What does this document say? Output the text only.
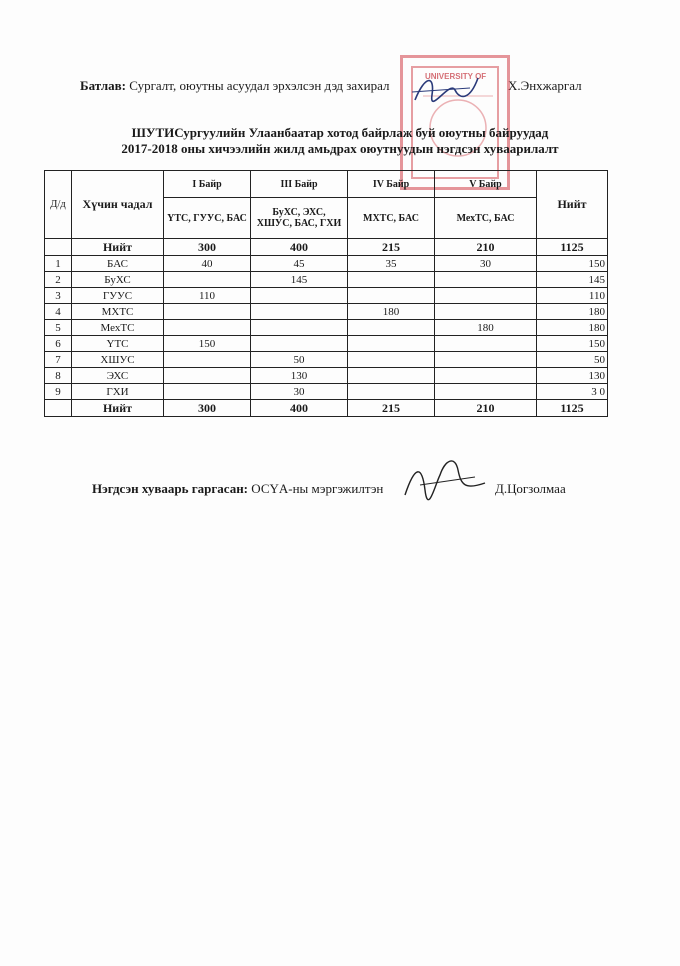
Батлав: Сургалт, оюутны асуудал эрхэлсэн дэд захирал	Х.Энхжаргал
UNIVERSITY OF
ШУТИСургуулийн Улаанбаатар хотод байрлаж буй оюутны байруудад
2017-2018 оны хичээлийн жилд амьдрах оюутнуудын нэгдсэн хуваарилалт
Д/д	Хүчин чадал	I Байр	III Байр	IV Байр	V Байр	Нийт
		ҮТС, ГУУС, БАС	БуХС, ЭХС, ХШУС, БАС, ГХИ	МХТС, БАС	МехТС, БАС	
	Нийт	300	400	215	210	1125
1	БАС	40	45	35	30	150
2	БуХС		145			145
3	ГУУС	110				110
4	МХТС			180		180
5	МехТС				180	180
6	ҮТС	150				150
7	ХШУС		50			50
8	ЭХС		130			130
9	ГХИ		30			3 0
	Нийт	300	400	215	210	1125
Нэгдсэн хуваарь гаргасан: ОСҮА-ны мэргэжилтэн	Д.Цогзолмаа
